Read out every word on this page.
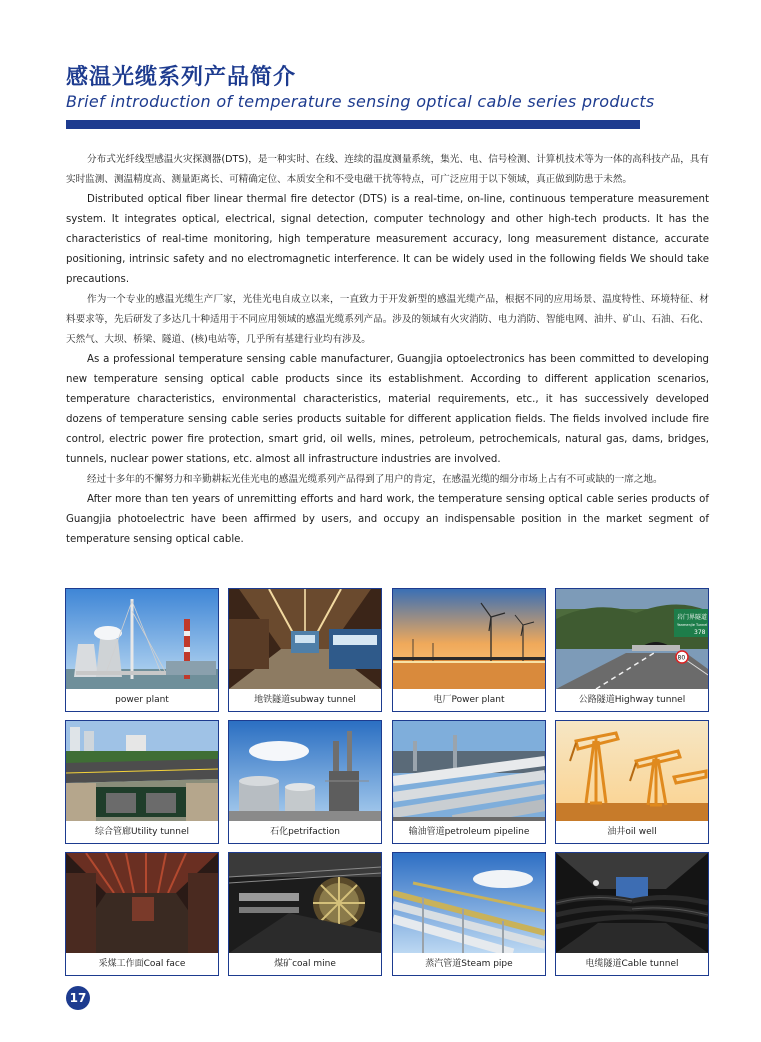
感温光缆系列产品简介
Brief introduction of temperature sensing optical cable series products

分布式光纤线型感温火灾探测器(DTS)，是一种实时、在线、连续的温度测量系统，集光、电、信号检测、计算机技术等为一体的高科技产品，具有实时监测、测温精度高、测量距离长、可精确定位、本质安全和不受电磁干扰等特点，可广泛应用于以下领域，真正做到防患于未然。

Distributed optical fiber linear thermal fire detector (DTS) is a real-time, on-line, continuous temperature measurement system. It integrates optical, electrical, signal detection, computer technology and other high-tech products. It has the characteristics of real-time monitoring, high temperature measurement accuracy, long measurement distance, accurate positioning, intrinsic safety and no electromagnetic interference. It can be widely used in the following fields We should take precautions.

作为一个专业的感温光缆生产厂家，光佳光电自成立以来，一直致力于开发新型的感温光缆产品，根据不同的应用场景、温度特性、环境特征、材料要求等，先后研发了多达几十种适用于不同应用领域的感温光缆系列产品。涉及的领域有火灾消防、电力消防、智能电网、油井、矿山、石油、石化、天然气、大坝、桥梁、隧道、(核)电站等，几乎所有基建行业均有涉及。

As a professional temperature sensing cable manufacturer, Guangjia optoelectronics has been committed to developing new temperature sensing optical cable products since its establishment. According to different application scenarios, temperature characteristics, environmental characteristics, material requirements, etc., it has successively developed dozens of temperature sensing cable series products suitable for different application fields. The fields involved include fire control, electric power fire protection, smart grid, oil wells, mines, petroleum, petrochemicals, natural gas, dams, bridges, tunnels, nuclear power stations, etc. almost all infrastructure industries are involved.

经过十多年的不懈努力和辛勤耕耘光佳光电的感温光缆系列产品得到了用户的肯定，在感温光缆的细分市场上占有不可或缺的一席之地。

After more than ten years of unremitting efforts and hard work, the temperature sensing optical cable series products of Guangjia photoelectric have been affirmed by users, and occupy an indispensable position in the market segment of temperature sensing optical cable.

power plant	地铁隧道subway tunnel	电厂Power plant
岩门界隧道
Yanmenjie Tunnel
378
80
公路隧道Highway tunnel
综合管廊Utility tunnel	石化petrifaction	输油管道petroleum pipeline	油井oil well
采煤工作面Coal face	煤矿coal mine	蒸汽管道Steam pipe	电缆隧道Cable tunnel
17
